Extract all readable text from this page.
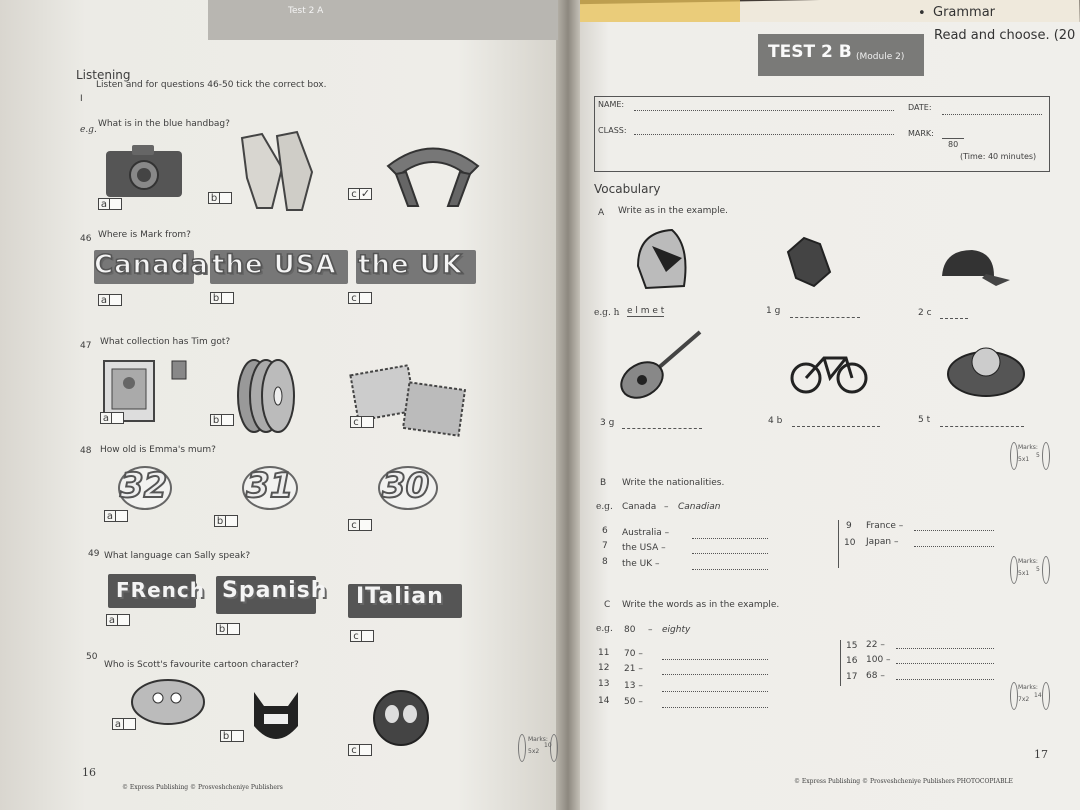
Test 2 A	• Grammar
Read and choose. (20
Listening
I
Listen and for questions 46-50 tick the correct box.
e.g.
What is in the blue handbag?
a
b	c ✓
46 Where is Mark from?
Canada the USA the UK
a	b	c
47 What collection has Tim got?
a	b	c
48 How old is Emma's mum?
32 31	30
a	b	c
49 What language can Sally speak?
FRench Spanish ITalian
a
b
c
50
Who is Scott's favourite cartoon character?
a
b
c
Marks:
5x2
10
16
© Express Publishing © Prosveshcheniye Publishers
TEST 2 B (Module 2)
NAME:	DATE:
CLASS:	MARK:
80
(Time: 40 minutes)
Vocabulary
A Write as in the example.
e.g. h e l m e t	1 g	2 c
3 g	4 b	5 t
Marks:
5x1
5
B Write the nationalities.
e.g. Canada – Canadian
6 Australia –
7 the USA –
8 the UK –
9 France –
10 Japan –
Marks:
5x1
5
C Write the words as in the example.
e.g. 80 – eighty
11 70 –
12 21 –
13 13 –
14 50 –
15 22 –
16 100 –
17 68 –
Marks:
7x2
14
17
© Express Publishing © Prosveshcheniye Publishers PHOTOCOPIABLE
